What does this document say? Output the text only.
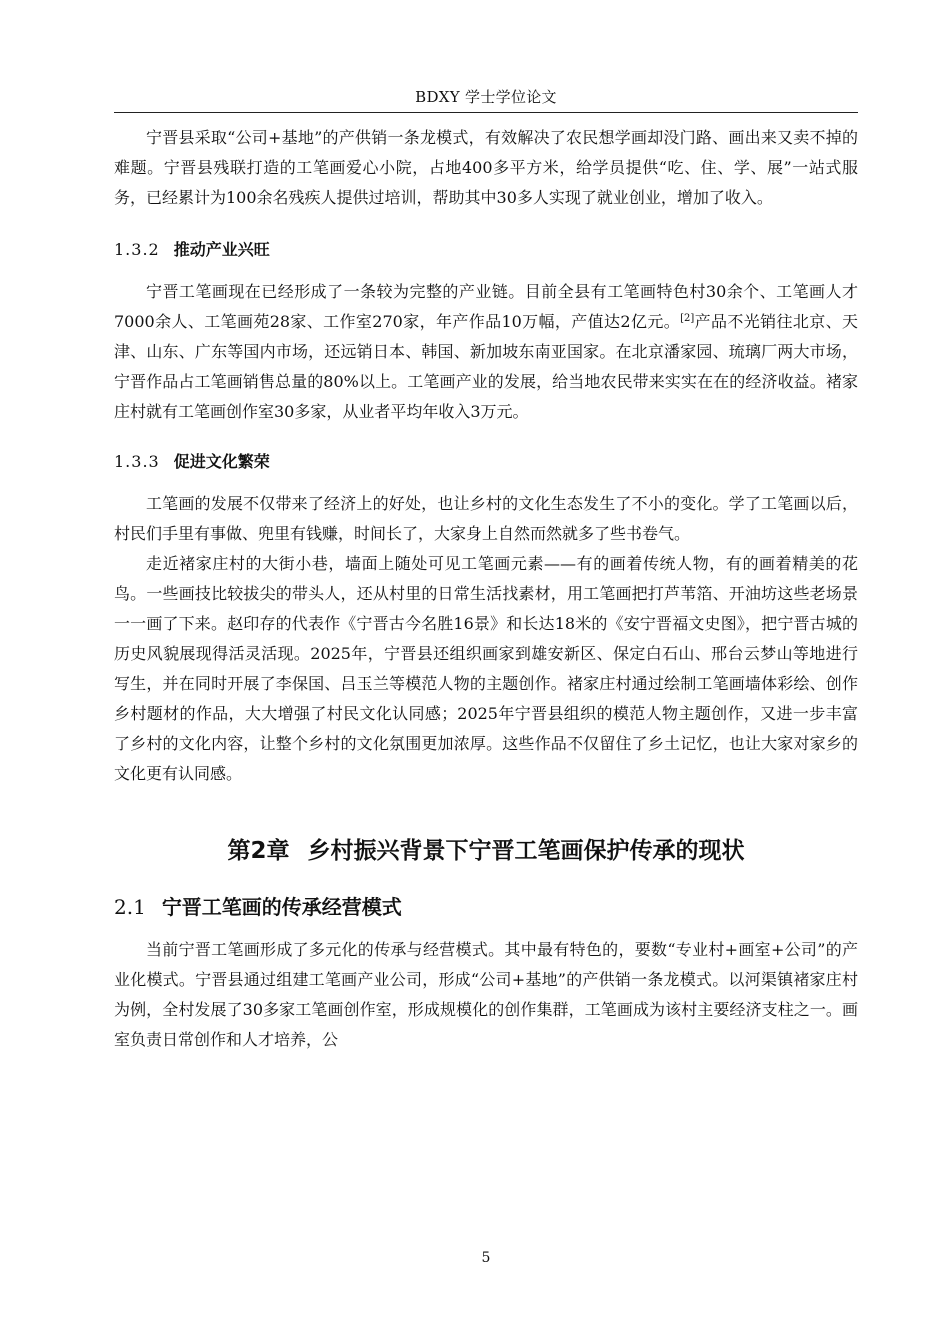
BDXY 学士学位论文

宁晋县采取“公司+基地”的产供销一条龙模式，有效解决了农民想学画却没门路、画出来又卖不掉的难题。宁晋县残联打造的工笔画爱心小院，占地400多平方米，给学员提供“吃、住、学、展”一站式服务，已经累计为100余名残疾人提供过培训，帮助其中30多人实现了就业创业，增加了收入。

1.3.2 推动产业兴旺

宁晋工笔画现在已经形成了一条较为完整的产业链。目前全县有工笔画特色村30余个、工笔画人才7000余人、工笔画苑28家、工作室270家，年产作品10万幅，产值达2亿元。[2]产品不光销往北京、天津、山东、广东等国内市场，还远销日本、韩国、新加坡东南亚国家。在北京潘家园、琉璃厂两大市场，宁晋作品占工笔画销售总量的80%以上。工笔画产业的发展，给当地农民带来实实在在的经济收益。褚家庄村就有工笔画创作室30多家，从业者平均年收入3万元。

1.3.3 促进文化繁荣

工笔画的发展不仅带来了经济上的好处，也让乡村的文化生态发生了不小的变化。学了工笔画以后，村民们手里有事做、兜里有钱赚，时间长了，大家身上自然而然就多了些书卷气。

走近褚家庄村的大街小巷，墙面上随处可见工笔画元素——有的画着传统人物，有的画着精美的花鸟。一些画技比较拔尖的带头人，还从村里的日常生活找素材，用工笔画把打芦苇箔、开油坊这些老场景一一画了下来。赵印存的代表作《宁晋古今名胜16景》和长达18米的《安宁晋福文史图》，把宁晋古城的历史风貌展现得活灵活现。2025年，宁晋县还组织画家到雄安新区、保定白石山、邢台云梦山等地进行写生，并在同时开展了李保国、吕玉兰等模范人物的主题创作。褚家庄村通过绘制工笔画墙体彩绘、创作乡村题材的作品，大大增强了村民文化认同感；2025年宁晋县组织的模范人物主题创作，又进一步丰富了乡村的文化内容，让整个乡村的文化氛围更加浓厚。这些作品不仅留住了乡土记忆，也让大家对家乡的文化更有认同感。

第2章 乡村振兴背景下宁晋工笔画保护传承的现状
2.1 宁晋工笔画的传承经营模式

当前宁晋工笔画形成了多元化的传承与经营模式。其中最有特色的，要数“专业村+画室+公司”的产业化模式。宁晋县通过组建工笔画产业公司，形成“公司+基地”的产供销一条龙模式。以河渠镇褚家庄村为例，全村发展了30多家工笔画创作室，形成规模化的创作集群，工笔画成为该村主要经济支柱之一。画室负责日常创作和人才培养，公

5
